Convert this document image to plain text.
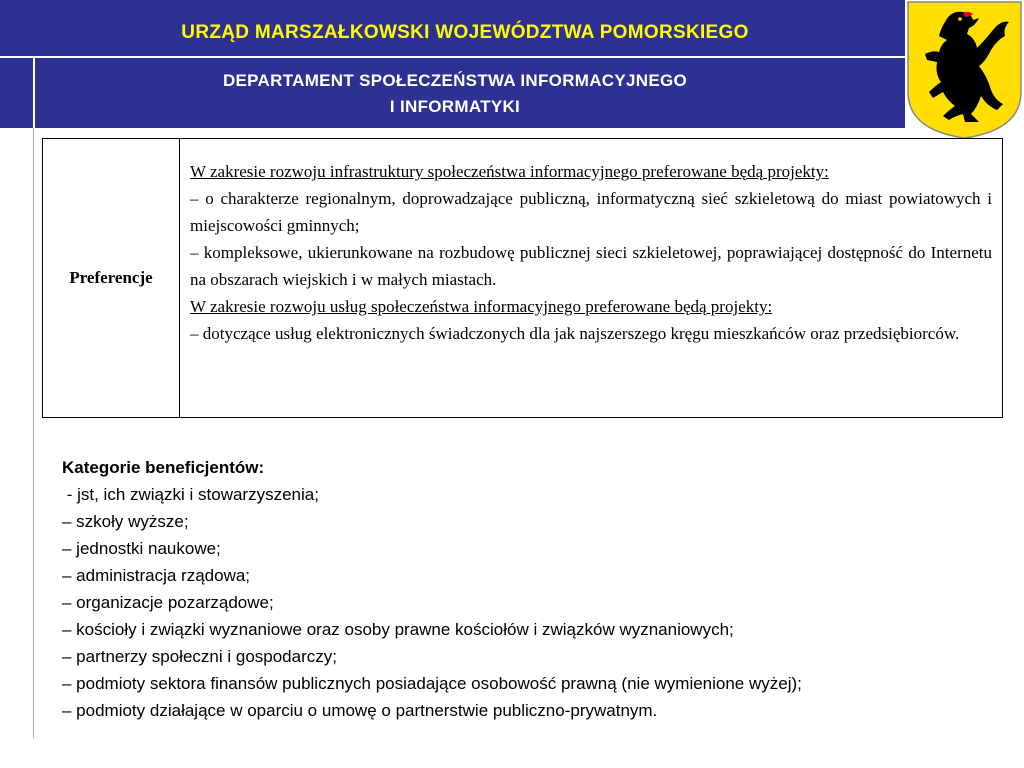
URZĄD MARSZAŁKOWSKI WOJEWÓDZTWA POMORSKIEGO
DEPARTAMENT SPOŁECZEŃSTWA INFORMACYJNEGO
I INFORMATYKI
Preferencje

W zakresie rozwoju infrastruktury społeczeństwa informacyjnego preferowane będą projekty:

– o charakterze regionalnym, doprowadzające publiczną, informatyczną sieć szkieletową do miast powiatowych i miejscowości gminnych;

– kompleksowe, ukierunkowane na rozbudowę publicznej sieci szkieletowej, poprawiającej dostępność do Internetu na obszarach wiejskich i w małych miastach.

W zakresie rozwoju usług społeczeństwa informacyjnego preferowane będą projekty:

– dotyczące usług elektronicznych świadczonych dla jak najszerszego kręgu mieszkańców oraz przedsiębiorców.

Kategorie beneficjentów:
- jst, ich związki i stowarzyszenia;
– szkoły wyższe;
– jednostki naukowe;
– administracja rządowa;
– organizacje pozarządowe;
– kościoły i związki wyznaniowe oraz osoby prawne kościołów i związków wyznaniowych;
– partnerzy społeczni i gospodarczy;
– podmioty sektora finansów publicznych posiadające osobowość prawną (nie wymienione wyżej);
– podmioty działające w oparciu o umowę o partnerstwie publiczno-prywatnym.
